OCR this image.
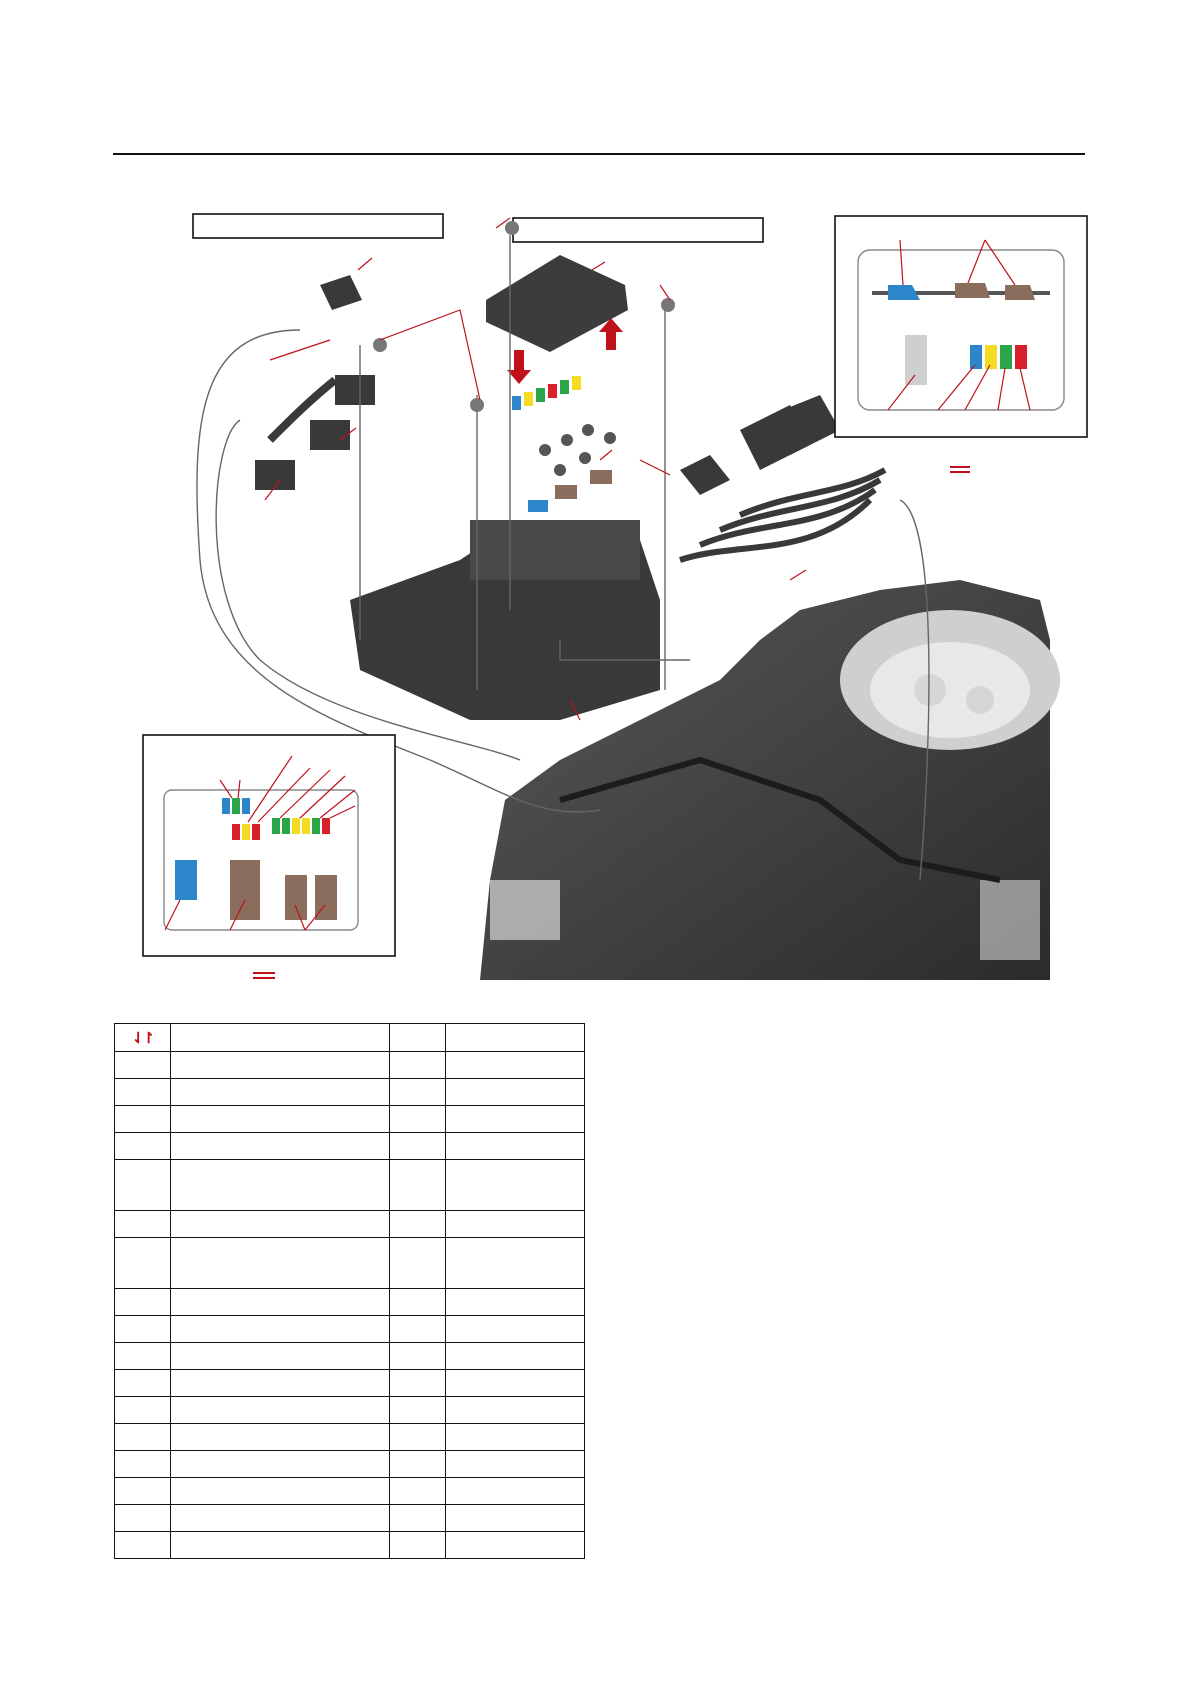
⇃↾			
